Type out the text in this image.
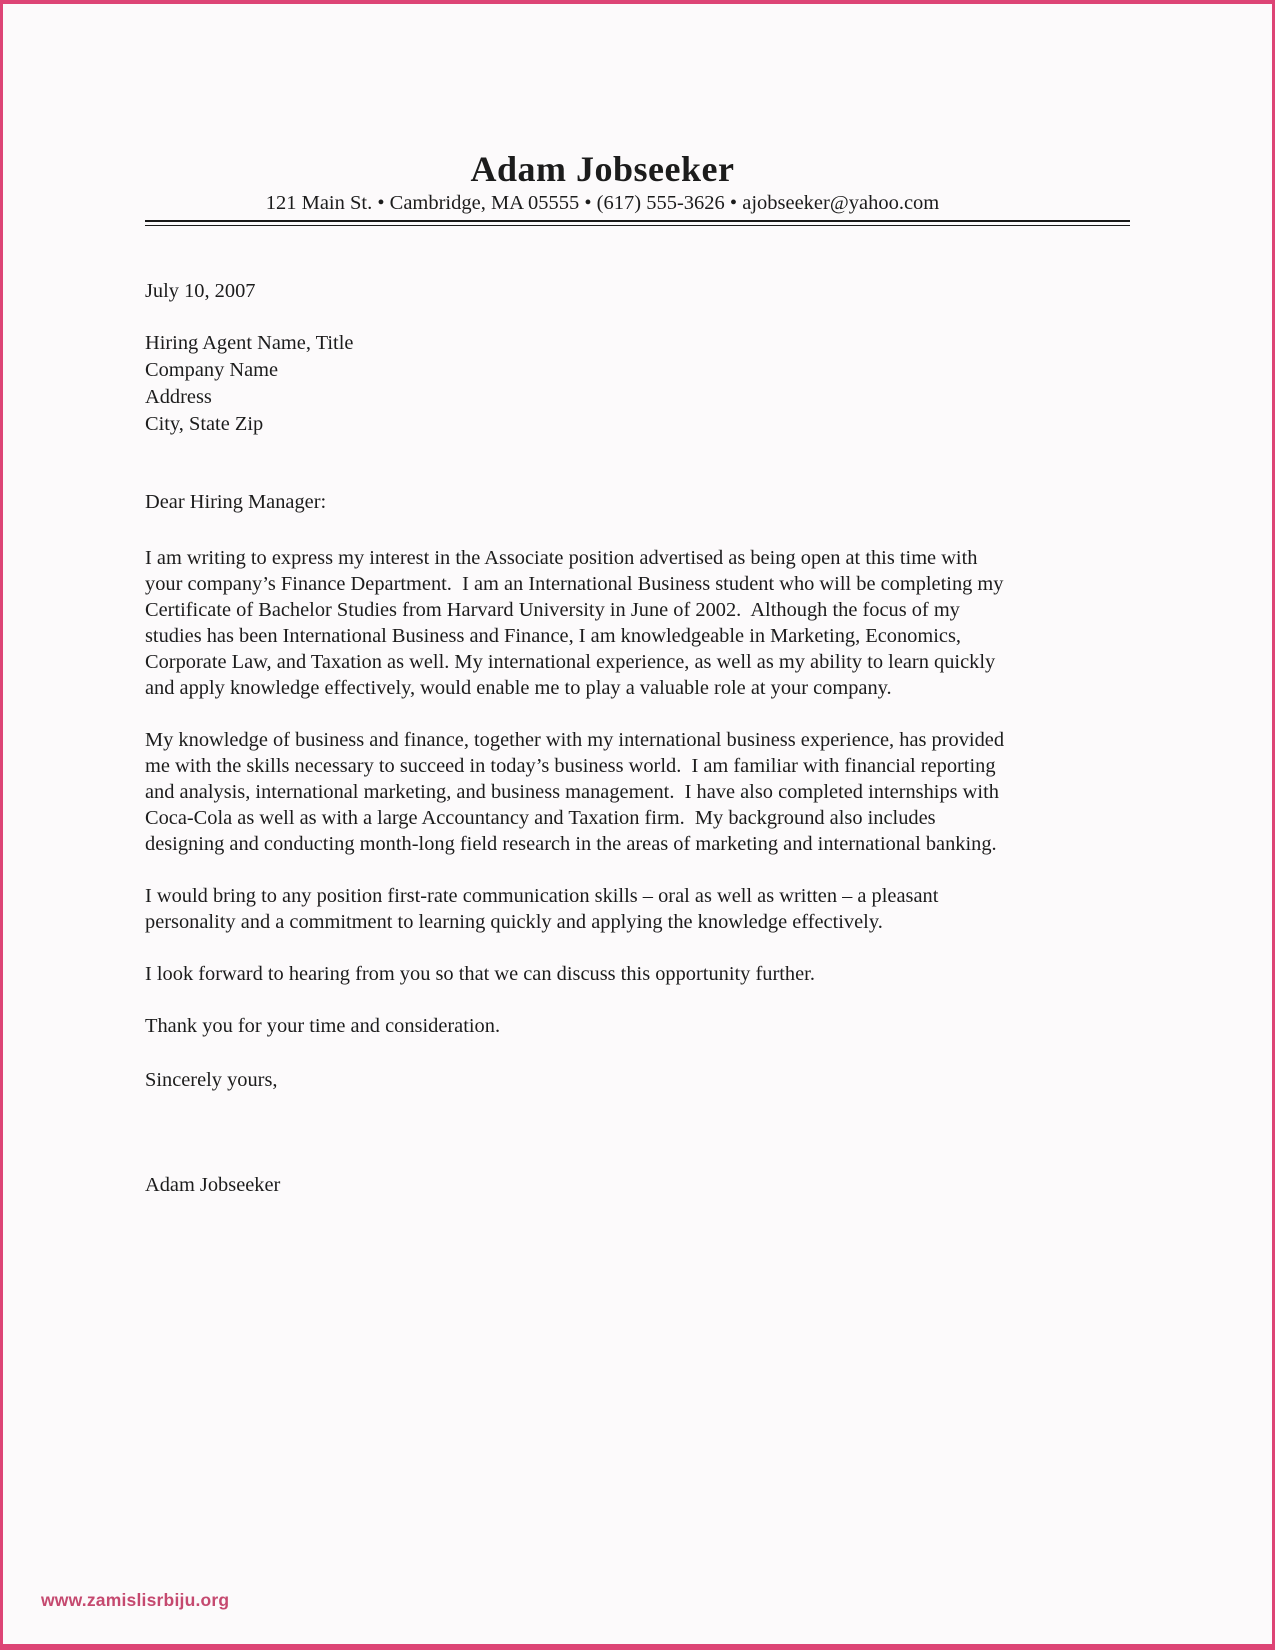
Adam Jobseeker
121 Main St. • Cambridge, MA 05555 • (617) 555-3626 • ajobseeker@yahoo.com
July 10, 2007
Hiring Agent Name, Title
Company Name
Address
City, State Zip
Dear Hiring Manager:
I am writing to express my interest in the Associate position advertised as being open at this time with
your company’s Finance Department.  I am an International Business student who will be completing my
Certificate of Bachelor Studies from Harvard University in June of 2002.  Although the focus of my
studies has been International Business and Finance, I am knowledgeable in Marketing, Economics,
Corporate Law, and Taxation as well. My international experience, as well as my ability to learn quickly
and apply knowledge effectively, would enable me to play a valuable role at your company.
My knowledge of business and finance, together with my international business experience, has provided
me with the skills necessary to succeed in today’s business world.  I am familiar with financial reporting
and analysis, international marketing, and business management.  I have also completed internships with
Coca-Cola as well as with a large Accountancy and Taxation firm.  My background also includes
designing and conducting month-long field research in the areas of marketing and international banking.
I would bring to any position first-rate communication skills – oral as well as written – a pleasant
personality and a commitment to learning quickly and applying the knowledge effectively.
I look forward to hearing from you so that we can discuss this opportunity further.
Thank you for your time and consideration.
Sincerely yours,
Adam Jobseeker
www.zamislisrbiju.org
